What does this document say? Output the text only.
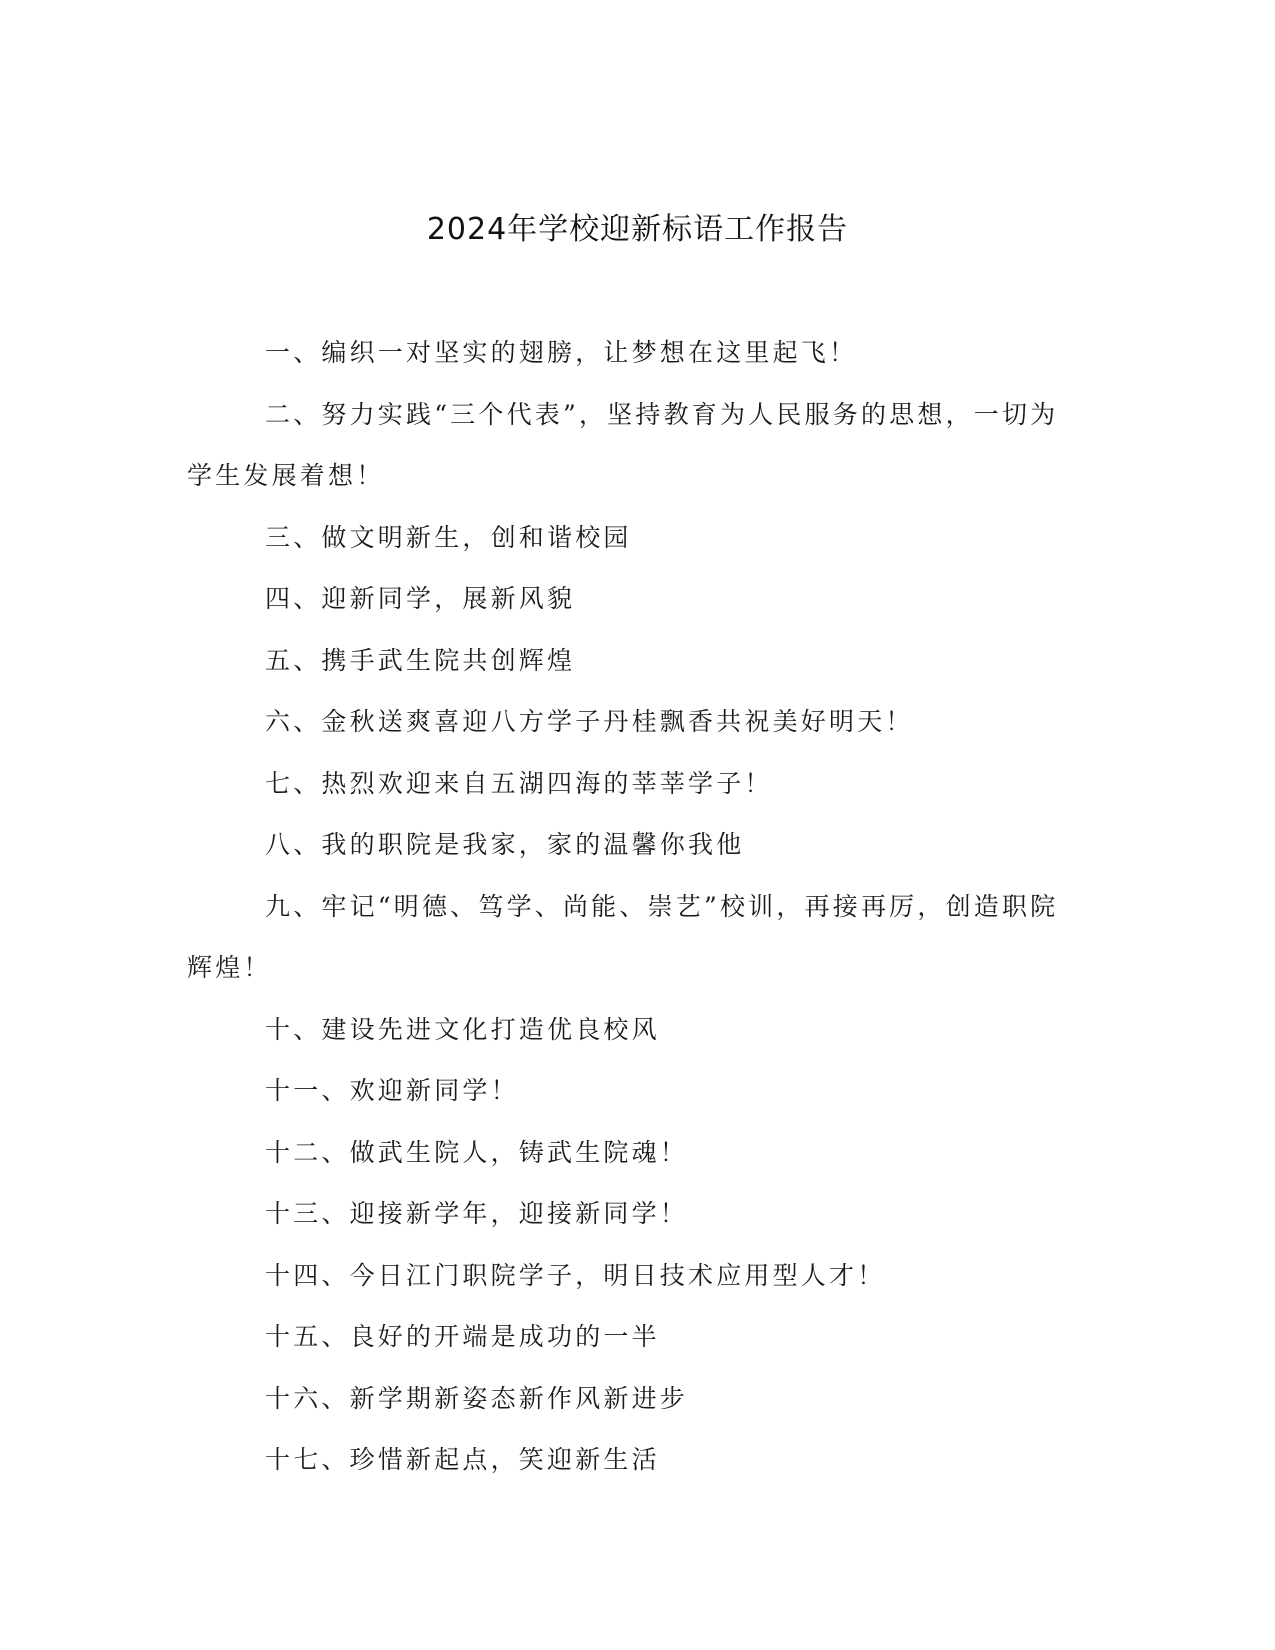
2024年学校迎新标语工作报告

一、编织一对坚实的翅膀，让梦想在这里起飞！

二、努力实践“三个代表”，坚持教育为人民服务的思想，一切为学生发展着想！

三、做文明新生，创和谐校园

四、迎新同学，展新风貌

五、携手武生院共创辉煌

六、金秋送爽喜迎八方学子丹桂飘香共祝美好明天！

七、热烈欢迎来自五湖四海的莘莘学子！

八、我的职院是我家，家的温馨你我他

九、牢记“明德、笃学、尚能、崇艺”校训，再接再厉，创造职院辉煌！

十、建设先进文化打造优良校风

十一、欢迎新同学！

十二、做武生院人，铸武生院魂！

十三、迎接新学年，迎接新同学！

十四、今日江门职院学子，明日技术应用型人才！

十五、良好的开端是成功的一半

十六、新学期新姿态新作风新进步

十七、珍惜新起点，笑迎新生活
